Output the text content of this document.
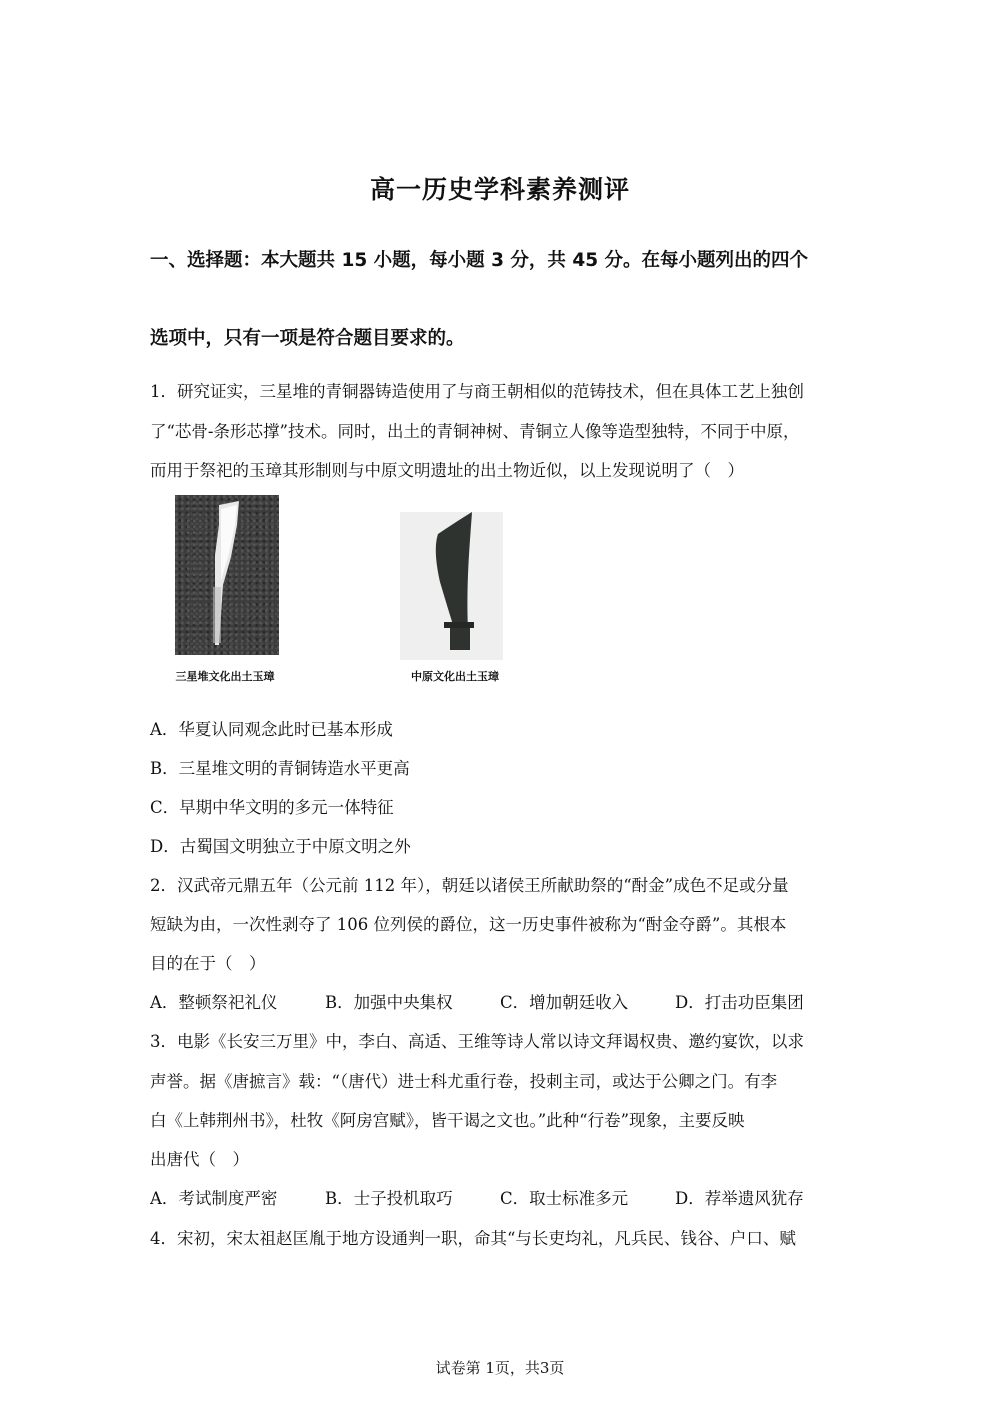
高一历史学科素养测评
一、选择题：本大题共 15 小题，每小题 3 分，共 45 分。在每小题列出的四个
选项中，只有一项是符合题目要求的。
1．研究证实，三星堆的青铜器铸造使用了与商王朝相似的范铸技术，但在具体工艺上独创
了“芯骨-条形芯撑”技术。同时，出土的青铜神树、青铜立人像等造型独特，不同于中原，
而用于祭祀的玉璋其形制则与中原文明遗址的出土物近似，以上发现说明了（　）
三星堆文化出土玉璋	中原文化出土玉璋
A．华夏认同观念此时已基本形成
B．三星堆文明的青铜铸造水平更高
C．早期中华文明的多元一体特征
D．古蜀国文明独立于中原文明之外
2．汉武帝元鼎五年（公元前 112 年），朝廷以诸侯王所献助祭的“酎金”成色不足或分量
短缺为由，一次性剥夺了 106 位列侯的爵位，这一历史事件被称为“酎金夺爵”。其根本
目的在于（　）
A．整顿祭祀礼仪	B．加强中央集权	C．增加朝廷收入	D．打击功臣集团
3．电影《长安三万里》中，李白、高适、王维等诗人常以诗文拜谒权贵、邀约宴饮，以求
声誉。据《唐摭言》载：“（唐代）进士科尤重行卷，投刺主司，或达于公卿之门。有李
白《上韩荆州书》，杜牧《阿房宫赋》，皆干谒之文也。”此种“行卷”现象，主要反映
出唐代（　）
A．考试制度严密	B．士子投机取巧	C．取士标准多元	D．荐举遗风犹存
4．宋初，宋太祖赵匡胤于地方设通判一职，命其“与长吏均礼，凡兵民、钱谷、户口、赋
试卷第 1页，共3页
